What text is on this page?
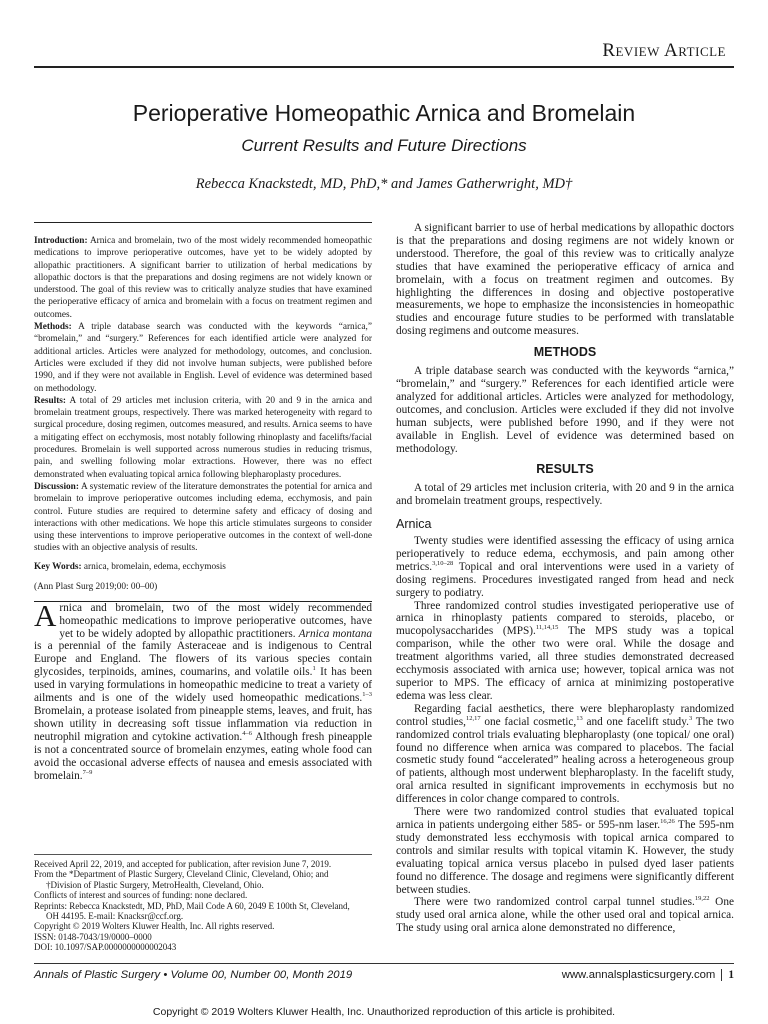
Review Article
Perioperative Homeopathic Arnica and Bromelain
Current Results and Future Directions
Rebecca Knackstedt, MD, PhD,* and James Gatherwright, MD†

Introduction: Arnica and bromelain, two of the most widely recommended homeopathic medications to improve perioperative outcomes, have yet to be widely adopted by allopathic practitioners. A significant barrier to utilization of herbal medications by allopathic doctors is that the preparations and dosing regimens are not widely known or understood. The goal of this review was to critically analyze studies that have examined the perioperative efficacy of arnica and bromelain with a focus on treatment regimen and outcomes.

Methods: A triple database search was conducted with the keywords “arnica,” “bromelain,” and “surgery.” References for each identified article were analyzed for additional articles. Articles were analyzed for methodology, outcomes, and conclusion. Articles were excluded if they did not involve human subjects, were published before 1990, and if they were not available in English. Level of evidence was determined based on methodology.

Results: A total of 29 articles met inclusion criteria, with 20 and 9 in the arnica and bromelain treatment groups, respectively. There was marked heterogeneity with regard to surgical procedure, dosing regimen, outcomes measured, and results. Arnica seems to have a mitigating effect on ecchymosis, most notably following rhinoplasty and facelifts/facial procedures. Bromelain is well supported across numerous studies in reducing trismus, pain, and swelling following molar extractions. However, there was no effect demonstrated when evaluating topical arnica following blepharoplasty procedures.

Discussion: A systematic review of the literature demonstrates the potential for arnica and bromelain to improve perioperative outcomes including edema, ecchymosis, and pain control. Future studies are required to determine safety and efficacy of dosing and interactions with other medications. We hope this article stimulates surgeons to consider using these interventions to improve perioperative outcomes in the context of well-done studies with an objective analysis of results.

Key Words: arnica, bromelain, edema, ecchymosis
(Ann Plast Surg 2019;00: 00–00)

Arnica and bromelain, two of the most widely recommended homeopathic medications to improve perioperative outcomes, have yet to be widely adopted by allopathic practitioners. Arnica montana is a perennial of the family Asteraceae and is indigenous to Central Europe and England. The flowers of its various species contain glycosides, terpinoids, amines, coumarins, and volatile oils.$^1$ It has been used in varying formulations in homeopathic medicine to treat a variety of ailments and is one of the widely used homeopathic medications.$^{1-3}$ Bromelain, a protease isolated from pineapple stems, leaves, and fruit, has shown utility in decreasing soft tissue inflammation via reduction in neutrophil migration and cytokine activation.$^{4-6}$ Although fresh pineapple is not a concentrated source of bromelain enzymes, eating whole food can avoid the occasional adverse effects of nausea and emesis associated with bromelain.$^{7-9}$

Received April 22, 2019, and accepted for publication, after revision June 7, 2019.
From the *Department of Plastic Surgery, Cleveland Clinic, Cleveland, Ohio; and
†Division of Plastic Surgery, MetroHealth, Cleveland, Ohio.
Conflicts of interest and sources of funding: none declared.
Reprints: Rebecca Knackstedt, MD, PhD, Mail Code A 60, 2049 E 100th St, Cleveland,
OH 44195. E-mail: Knacksr@ccf.org.
Copyright © 2019 Wolters Kluwer Health, Inc. All rights reserved.
ISSN: 0148-7043/19/0000–0000
DOI: 10.1097/SAP.0000000000002043

A significant barrier to use of herbal medications by allopathic doctors is that the preparations and dosing regimens are not widely known or understood. Therefore, the goal of this review was to critically analyze studies that have examined the perioperative efficacy of arnica and bromelain, with a focus on treatment regimen and outcomes. By highlighting the differences in dosing and objective postoperative measurements, we hope to emphasize the inconsistencies in homeopathic studies and encourage future studies to be performed with translatable dosing regimens and outcome measures.

METHODS

A triple database search was conducted with the keywords “arnica,” “bromelain,” and “surgery.” References for each identified article were analyzed for additional articles. Articles were analyzed for methodology, outcomes, and conclusion. Articles were excluded if they did not involve human subjects, were published before 1990, and if they were not available in English. Level of evidence was determined based on methodology.

RESULTS

A total of 29 articles met inclusion criteria, with 20 and 9 in the arnica and bromelain treatment groups, respectively.

Arnica

Twenty studies were identified assessing the efficacy of using arnica perioperatively to reduce edema, ecchymosis, and pain among other metrics.$^{3,10-28}$ Topical and oral interventions were used in a variety of dosing regimens. Procedures investigated ranged from head and neck surgery to podiatry.

Three randomized control studies investigated perioperative use of arnica in rhinoplasty patients compared to steroids, placebo, or mucopolysaccharides (MPS).$^{11,14,15}$ The MPS study was a topical comparison, while the other two were oral. While the dosage and treatment algorithms varied, all three studies demonstrated decreased ecchymosis associated with arnica use; however, topical arnica was not superior to MPS. The efficacy of arnica at minimizing postoperative edema was less clear.

Regarding facial aesthetics, there were blepharoplasty randomized control studies,$^{12,17}$ one facial cosmetic,$^{13}$ and one facelift study.$^3$ The two randomized control trials evaluating blepharoplasty (one topical/ one oral) found no difference when arnica was compared to placebos. The facial cosmetic study found “accelerated” healing across a heterogeneous group of patients, although most underwent blepharoplasty. In the facelift study, oral arnica resulted in significant improvements in ecchymosis but no differences in color change compared to controls.

There were two randomized control studies that evaluated topical arnica in patients undergoing either 585- or 595-nm laser.$^{16,26}$ The 595-nm study demonstrated less ecchymosis with topical arnica compared to controls and similar results with topical vitamin K. However, the study evaluating topical arnica versus placebo in pulsed dyed laser patients found no difference. The dosage and regimens were significantly different between studies.

There were two randomized control carpal tunnel studies.$^{19,22}$ One study used oral arnica alone, while the other used oral and topical arnica. The study using oral arnica alone demonstrated no difference,

Annals of Plastic Surgery • Volume 00, Number 00, Month 2019	www.annalsplasticsurgery.com 1
Copyright © 2019 Wolters Kluwer Health, Inc. Unauthorized reproduction of this article is prohibited.
